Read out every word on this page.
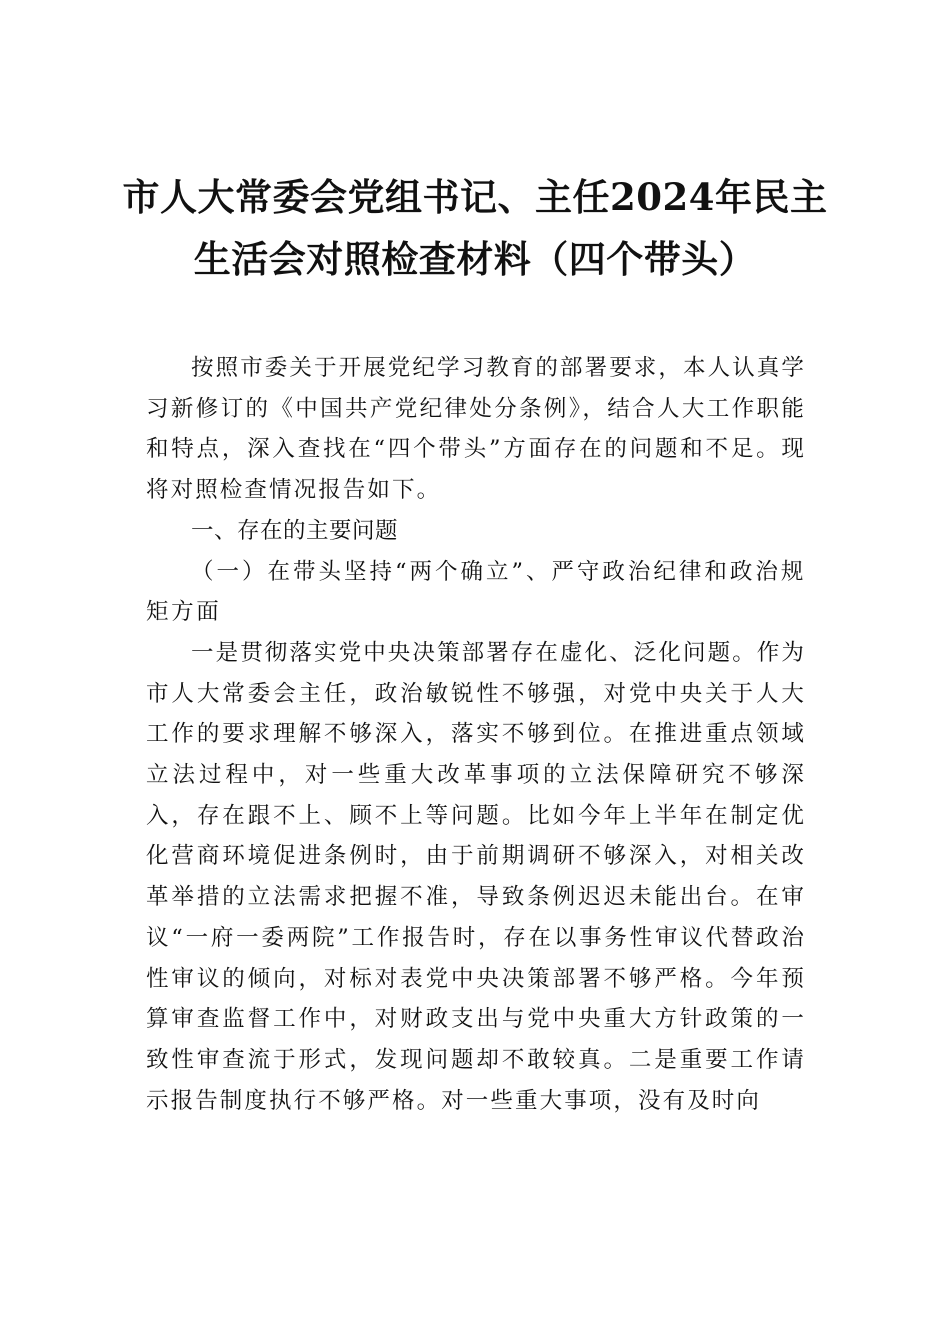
市人大常委会党组书记、主任2024年民主
生活会对照检查材料（四个带头）

按照市委关于开展党纪学习教育的部署要求，本人认真学习新修订的《中国共产党纪律处分条例》，结合人大工作职能和特点，深入查找在“四个带头”方面存在的问题和不足。现将对照检查情况报告如下。

一、存在的主要问题

（一）在带头坚持“两个确立”、严守政治纪律和政治规矩方面

一是贯彻落实党中央决策部署存在虚化、泛化问题。作为市人大常委会主任，政治敏锐性不够强，对党中央关于人大工作的要求理解不够深入，落实不够到位。在推进重点领域立法过程中，对一些重大改革事项的立法保障研究不够深入，存在跟不上、顾不上等问题。比如今年上半年在制定优化营商环境促进条例时，由于前期调研不够深入，对相关改革举措的立法需求把握不准，导致条例迟迟未能出台。在审议“一府一委两院”工作报告时，存在以事务性审议代替政治性审议的倾向，对标对表党中央决策部署不够严格。今年预算审查监督工作中，对财政支出与党中央重大方针政策的一致性审查流于形式，发现问题却不敢较真。二是重要工作请示报告制度执行不够严格。对一些重大事项，没有及时向
